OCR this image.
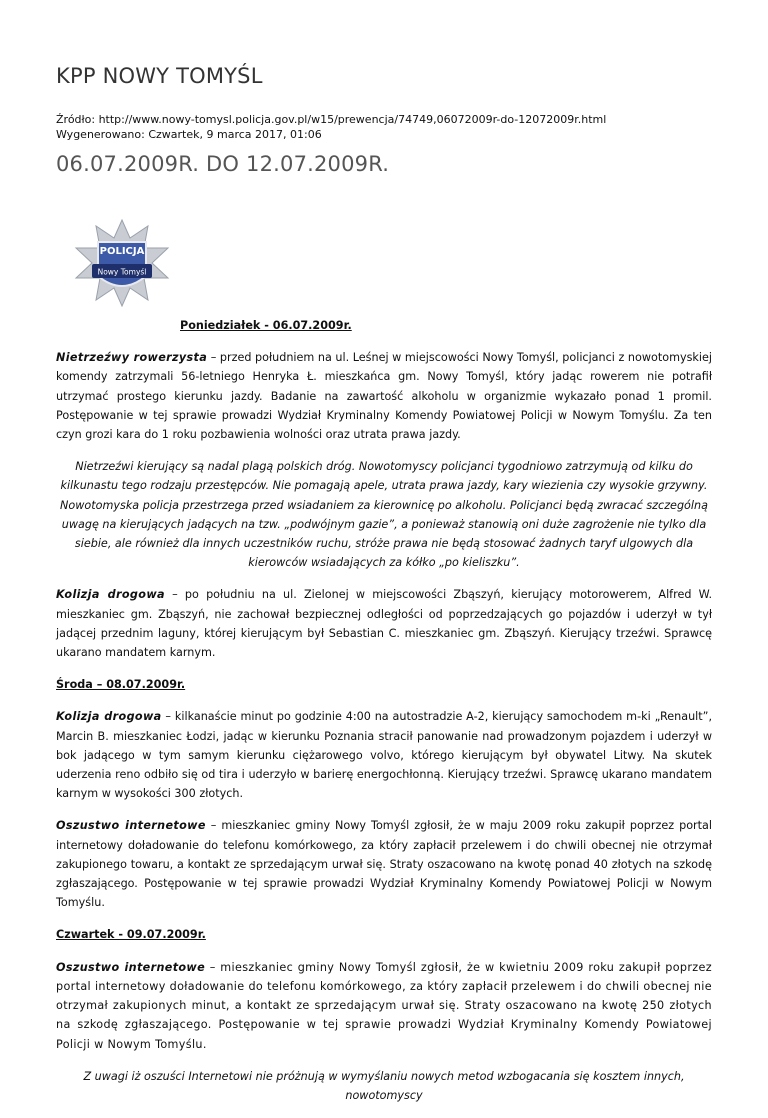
KPP NOWY TOMYŚL
Źródło: http://www.nowy-tomysl.policja.gov.pl/w15/prewencja/74749,06072009r-do-12072009r.html
Wygenerowano: Czwartek, 9 marca 2017, 01:06
06.07.2009R. DO 12.07.2009R.
POLICJA
Nowy Tomyśl

Poniedziałek - 06.07.2009r.

Nietrzeźwy rowerzysta – przed południem na ul. Leśnej w miejscowości Nowy Tomyśl, policjanci z nowotomyskiej komendy zatrzymali 56-letniego Henryka Ł. mieszkańca gm. Nowy Tomyśl, który jadąc rowerem nie potrafił utrzymać prostego kierunku jazdy. Badanie na zawartość alkoholu w organizmie wykazało ponad 1 promil. Postępowanie w tej sprawie prowadzi Wydział Kryminalny Komendy Powiatowej Policji w Nowym Tomyślu. Za ten czyn grozi kara do 1 roku pozbawienia wolności oraz utrata prawa jazdy.

Nietrzeźwi kierujący są nadal plagą polskich dróg. Nowotomyscy policjanci tygodniowo zatrzymują od kilku do kilkunastu tego rodzaju przestępców. Nie pomagają apele, utrata prawa jazdy, kary wiezienia czy wysokie grzywny. Nowotomyska policja przestrzega przed wsiadaniem za kierownicę po alkoholu. Policjanci będą zwracać szczególną uwagę na kierujących jadących na tzw. „podwójnym gazie”, a ponieważ stanowią oni duże zagrożenie nie tylko dla siebie, ale również dla innych uczestników ruchu, stróże prawa nie będą stosować żadnych taryf ulgowych dla kierowców wsiadających za kółko „po kieliszku”.

Kolizja drogowa – po południu na ul. Zielonej w miejscowości Zbąszyń, kierujący motorowerem, Alfred W. mieszkaniec gm. Zbąszyń, nie zachował bezpiecznej odległości od poprzedzających go pojazdów i uderzył w tył jadącej przednim laguny, której kierującym był Sebastian C. mieszkaniec gm. Zbąszyń. Kierujący trzeźwi. Sprawcę ukarano mandatem karnym.

Środa – 08.07.2009r.

Kolizja drogowa – kilkanaście minut po godzinie 4:00 na autostradzie A-2, kierujący samochodem m-ki „Renault”, Marcin B. mieszkaniec Łodzi, jadąc w kierunku Poznania stracił panowanie nad prowadzonym pojazdem i uderzył w bok jadącego w tym samym kierunku ciężarowego volvo, którego kierującym był obywatel Litwy. Na skutek uderzenia reno odbiło się od tira i uderzyło w barierę energochłonną. Kierujący trzeźwi. Sprawcę ukarano mandatem karnym w wysokości 300 złotych.

Oszustwo internetowe – mieszkaniec gminy Nowy Tomyśl zgłosił, że w maju 2009 roku zakupił poprzez portal internetowy doładowanie do telefonu komórkowego, za który zapłacił przelewem i do chwili obecnej nie otrzymał zakupionego towaru, a kontakt ze sprzedającym urwał się. Straty oszacowano na kwotę ponad 40 złotych na szkodę zgłaszającego. Postępowanie w tej sprawie prowadzi Wydział Kryminalny Komendy Powiatowej Policji w Nowym Tomyślu.

Czwartek - 09.07.2009r.

Oszustwo internetowe – mieszkaniec gminy Nowy Tomyśl zgłosił, że w kwietniu 2009 roku zakupił poprzez portal internetowy doładowanie do telefonu komórkowego, za który zapłacił przelewem i do chwili obecnej nie otrzymał zakupionych minut, a kontakt ze sprzedającym urwał się. Straty oszacowano na kwotę 250 złotych na szkodę zgłaszającego. Postępowanie w tej sprawie prowadzi Wydział Kryminalny Komendy Powiatowej Policji w Nowym Tomyślu.

Z uwagi iż oszuści Internetowi nie próżnują w wymyślaniu nowych metod wzbogacania się kosztem innych, nowotomyscy
